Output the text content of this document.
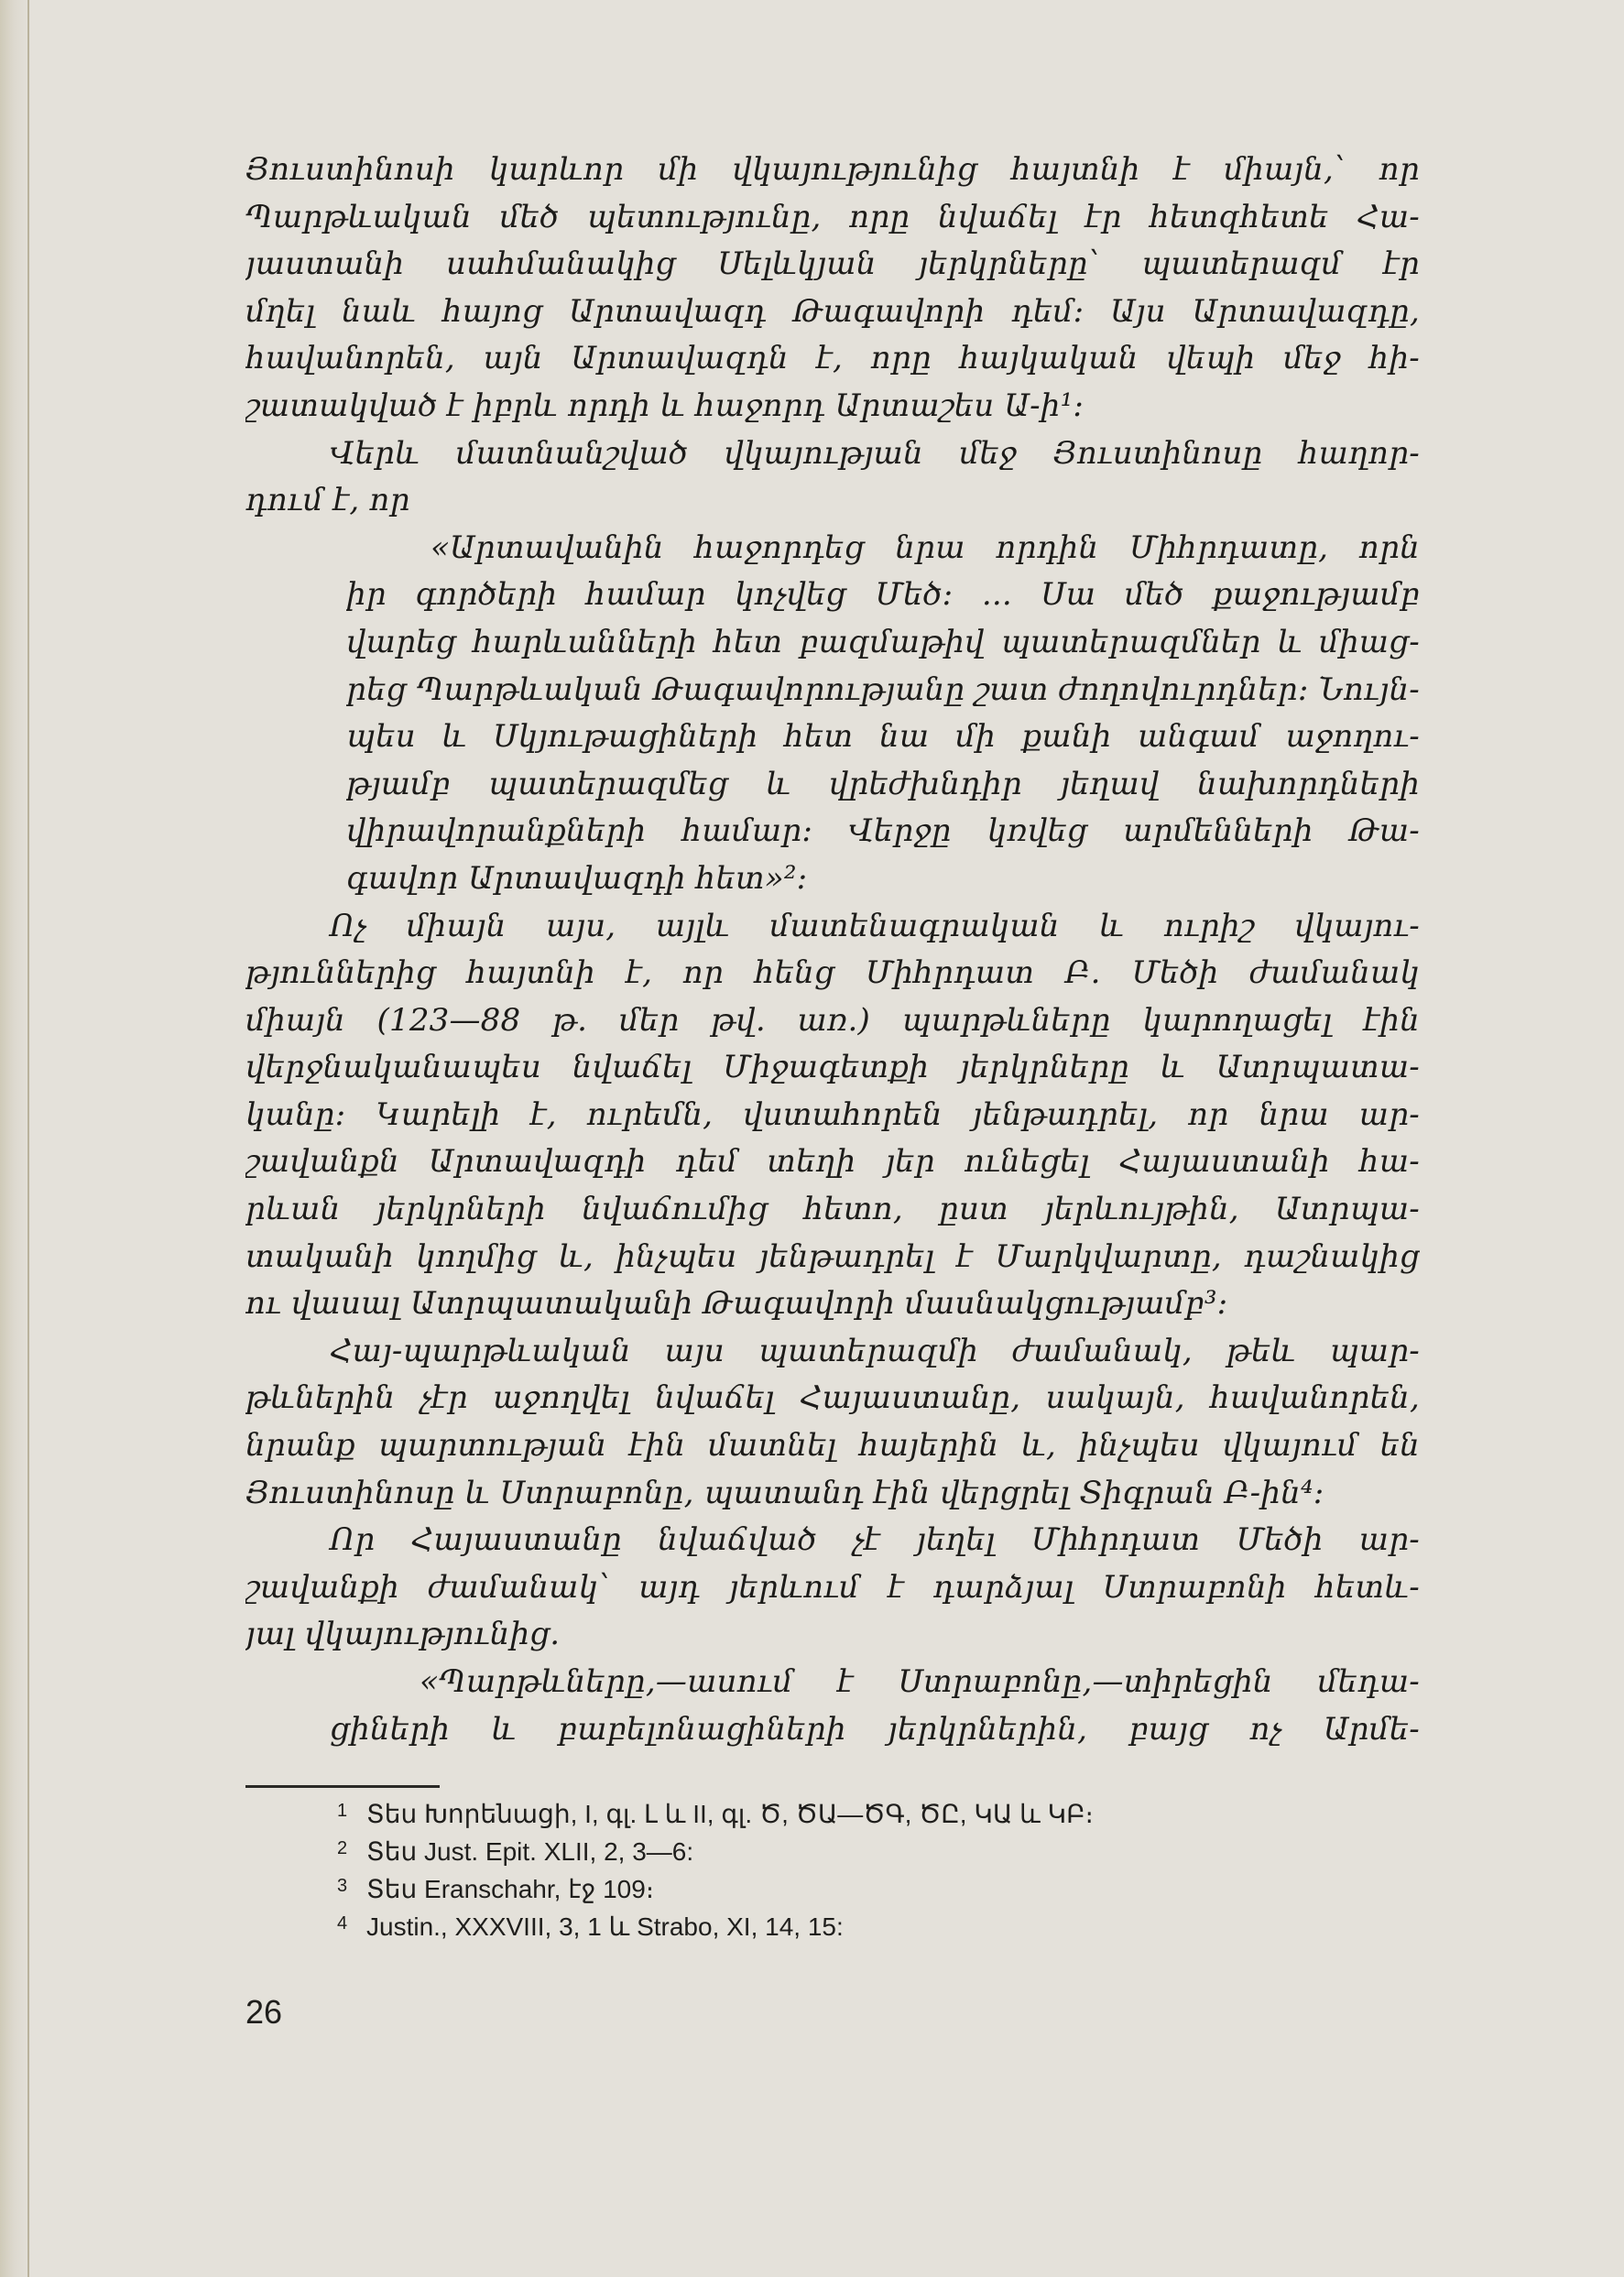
Յուստինոսի կարևոր մի վկայությունից հայտնի է միայն,՝ որ
Պարթևական մեծ պետությունը, որը նվաճել էր հետզհետե Հա-
յաստանի սահմանակից Սելևկյան յերկրները՝ պատերազմ էր
մղել նաև հայոց Արտավազդ Թագավորի դեմ։ Այս Արտավազդը,
հավանորեն, այն Արտավազդն է, որը հայկական վեպի մեջ հի-
շատակված է իբրև որդի և հաջորդ Արտաշես Ա-ի¹։
Վերև մատնանշված վկայության մեջ Յուստինոսը հաղոր-
դում է, որ
«Արտավանին հաջորդեց նրա որդին Միհրդատը, որն
իր գործերի համար կոչվեց Մեծ։ ... Սա մեծ քաջությամբ
վարեց հարևանների հետ բազմաթիվ պատերազմներ և միաց-
րեց Պարթևական Թագավորությանը շատ ժողովուրդներ։ Նույն-
պես և Սկյութացիների հետ նա մի քանի անգամ աջողու-
թյամբ պատերազմեց և վրեժխնդիր յեղավ նախորդների
վիրավորանքների համար։ Վերջը կռվեց արմենների Թա-
գավոր Արտավազդի հետ»²։
Ոչ միայն այս, այլև մատենագրական և ուրիշ վկայու-
թյուններից հայտնի է, որ հենց Միհրդատ Բ. Մեծի ժամանակ
միայն (123—88 թ. մեր թվ. առ.) պարթևները կարողացել էին
վերջնականապես նվաճել Միջագետքի յերկրները և Ատրպատա-
կանը։ Կարելի է, ուրեմն, վստահորեն յենթադրել, որ նրա ար-
շավանքն Արտավազդի դեմ տեղի յեր ունեցել Հայաստանի հա-
րևան յերկրների նվաճումից հետո, ըստ յերևույթին, Ատրպա-
տականի կողմից և, ինչպես յենթադրել է Մարկվարտը, դաշնակից
ու վասալ Ատրպատականի Թագավորի մասնակցությամբ³։
Հայ-պարթևական այս պատերազմի ժամանակ, թեև պար-
թևներին չէր աջողվել նվաճել Հայաստանը, սակայն, հավանորեն,
նրանք պարտության էին մատնել հայերին և, ինչպես վկայում են
Յուստինոսը և Ստրաբոնը, պատանդ էին վերցրել Տիգրան Բ-ին⁴։
Որ Հայաստանը նվաճված չէ յեղել Միհրդատ Մեծի ար-
շավանքի ժամանակ՝ այդ յերևում է դարձյալ Ստրաբոնի հետև-
յալ վկայությունից.
«Պարթևները,—ասում է Ստրաբոնը,—տիրեցին մեդա-
ցիների և բաբելոնացիների յերկրներին, բայց ոչ Արմե-
1 Տես Խորենացի, I, գլ. Լ և II, գլ. Ծ, ԾԱ—ԾԳ, ԾԸ, ԿԱ և ԿԲ։
2 Տես Just. Epit. XLII, 2, 3—6:
3 Տես Eranschahr, էջ 109։
4 Justin., XXXVIII, 3, 1 և Strabo, XI, 14, 15:
26
